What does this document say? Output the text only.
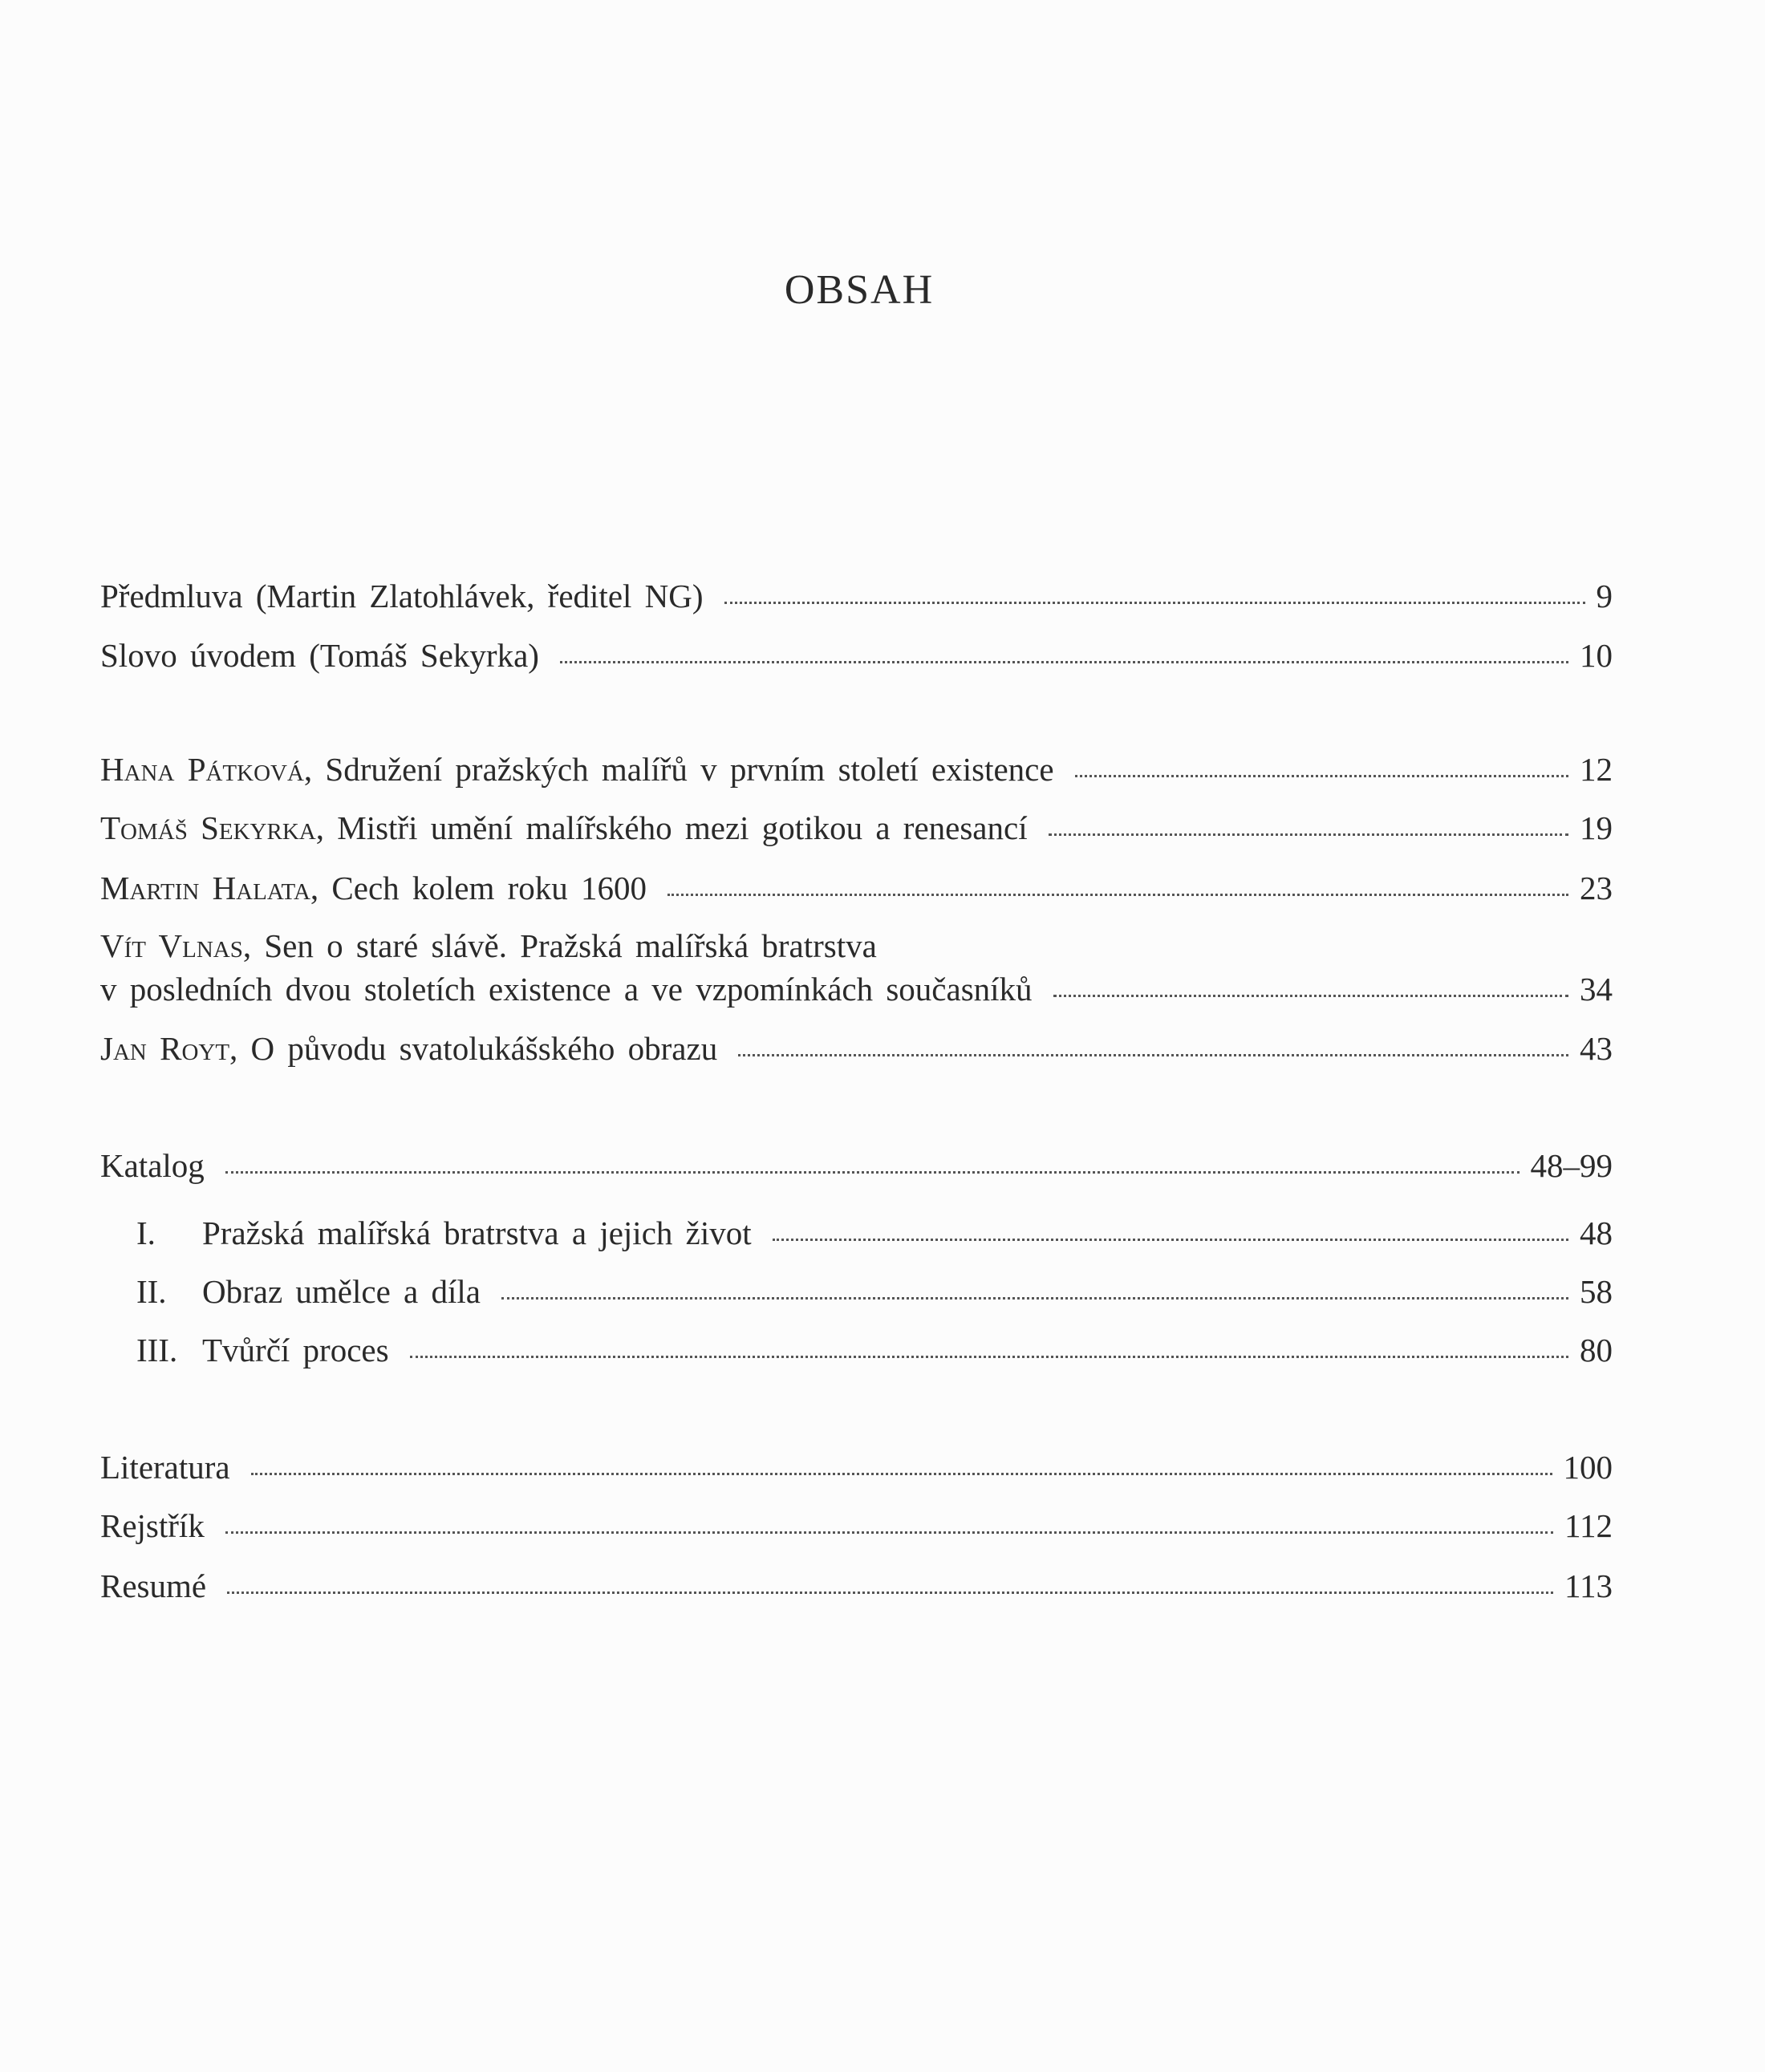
OBSAH
Předmluva (Martin Zlatohlávek, ředitel NG)	9
Slovo úvodem (Tomáš Sekyrka)	10
Hana Pátková, Sdružení pražských malířů v prvním století existence	12
Tomáš Sekyrka, Mistři umění malířského mezi gotikou a renesancí	19
Martin Halata, Cech kolem roku 1600	23
Vít Vlnas, Sen o staré slávě. Pražská malířská bratrstva
v posledních dvou stoletích existence a ve vzpomínkách současníků	34
Jan Royt, O původu svatolukášského obrazu	43
Katalog	48–99
I. Pražská malířská bratrstva a jejich život	48
II. Obraz umělce a díla	58
III. Tvůrčí proces	80
Literatura	100
Rejstřík	112
Resumé	113
